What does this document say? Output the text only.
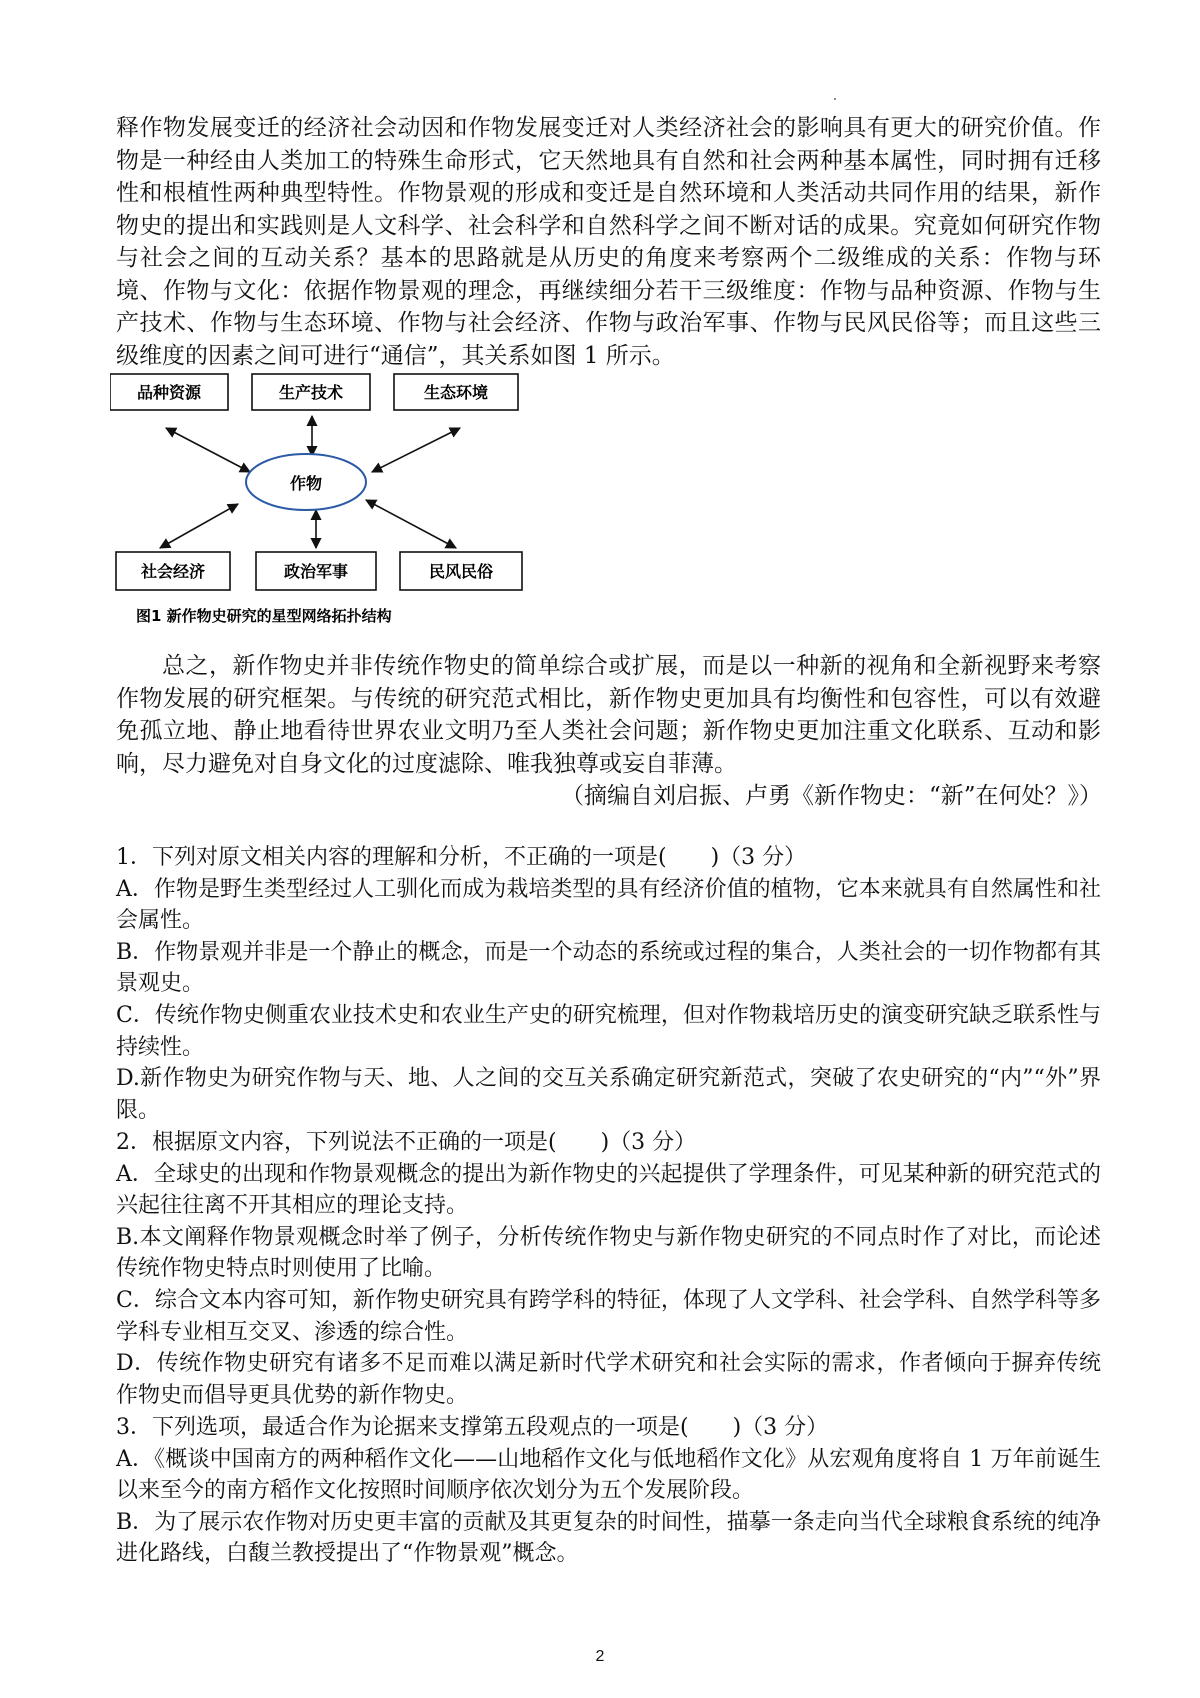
释作物发展变迁的经济社会动因和作物发展变迁对人类经济社会的影响具有更大的研究价值。作物是一种经由人类加工的特殊生命形式，它天然地具有自然和社会两种基本属性，同时拥有迁移性和根植性两种典型特性。作物景观的形成和变迁是自然环境和人类活动共同作用的结果，新作物史的提出和实践则是人文科学、社会科学和自然科学之间不断对话的成果。究竟如何研究作物与社会之间的互动关系？基本的思路就是从历史的角度来考察两个二级维成的关系：作物与环境、作物与文化：依据作物景观的理念，再继续细分若干三级维度：作物与品种资源、作物与生产技术、作物与生态环境、作物与社会经济、作物与政治军事、作物与民风民俗等；而且这些三级维度的因素之间可进行“通信”，其关系如图 1 所示。

作物
品种资源	生产技术	生态环境
社会经济	政治军事	民风民俗
图1 新作物史研究的星型网络拓扑结构

总之，新作物史并非传统作物史的简单综合或扩展，而是以一种新的视角和全新视野来考察作物发展的研究框架。与传统的研究范式相比，新作物史更加具有均衡性和包容性，可以有效避免孤立地、静止地看待世界农业文明乃至人类社会问题；新作物史更加注重文化联系、互动和影响，尽力避免对自身文化的过度滤除、唯我独尊或妄自菲薄。

（摘编自刘启振、卢勇《新作物史：“新”在何处？》）

1．下列对原文相关内容的理解和分析，不正确的一项是(　　)（3 分）

A．作物是野生类型经过人工驯化而成为栽培类型的具有经济价值的植物，它本来就具有自然属性和社会属性。

B．作物景观并非是一个静止的概念，而是一个动态的系统或过程的集合，人类社会的一切作物都有其景观史。

C．传统作物史侧重农业技术史和农业生产史的研究梳理，但对作物栽培历史的演变研究缺乏联系性与持续性。

D.新作物史为研究作物与天、地、人之间的交互关系确定研究新范式，突破了农史研究的“内”“外”界限。

2．根据原文内容，下列说法不正确的一项是(　　)（3 分）

A．全球史的出现和作物景观概念的提出为新作物史的兴起提供了学理条件，可见某种新的研究范式的兴起往往离不开其相应的理论支持。

B.本文阐释作物景观概念时举了例子，分析传统作物史与新作物史研究的不同点时作了对比，而论述传统作物史特点时则使用了比喻。

C．综合文本内容可知，新作物史研究具有跨学科的特征，体现了人文学科、社会学科、自然学科等多学科专业相互交叉、渗透的综合性。

D．传统作物史研究有诸多不足而难以满足新时代学术研究和社会实际的需求，作者倾向于摒弃传统作物史而倡导更具优势的新作物史。

3．下列选项，最适合作为论据来支撑第五段观点的一项是(　　)（3 分）

A．《概谈中国南方的两种稻作文化——山地稻作文化与低地稻作文化》从宏观角度将自 1 万年前诞生以来至今的南方稻作文化按照时间顺序依次划分为五个发展阶段。

B．为了展示农作物对历史更丰富的贡献及其更复杂的时间性，描摹一条走向当代全球粮食系统的纯净进化路线，白馥兰教授提出了“作物景观”概念。

2
